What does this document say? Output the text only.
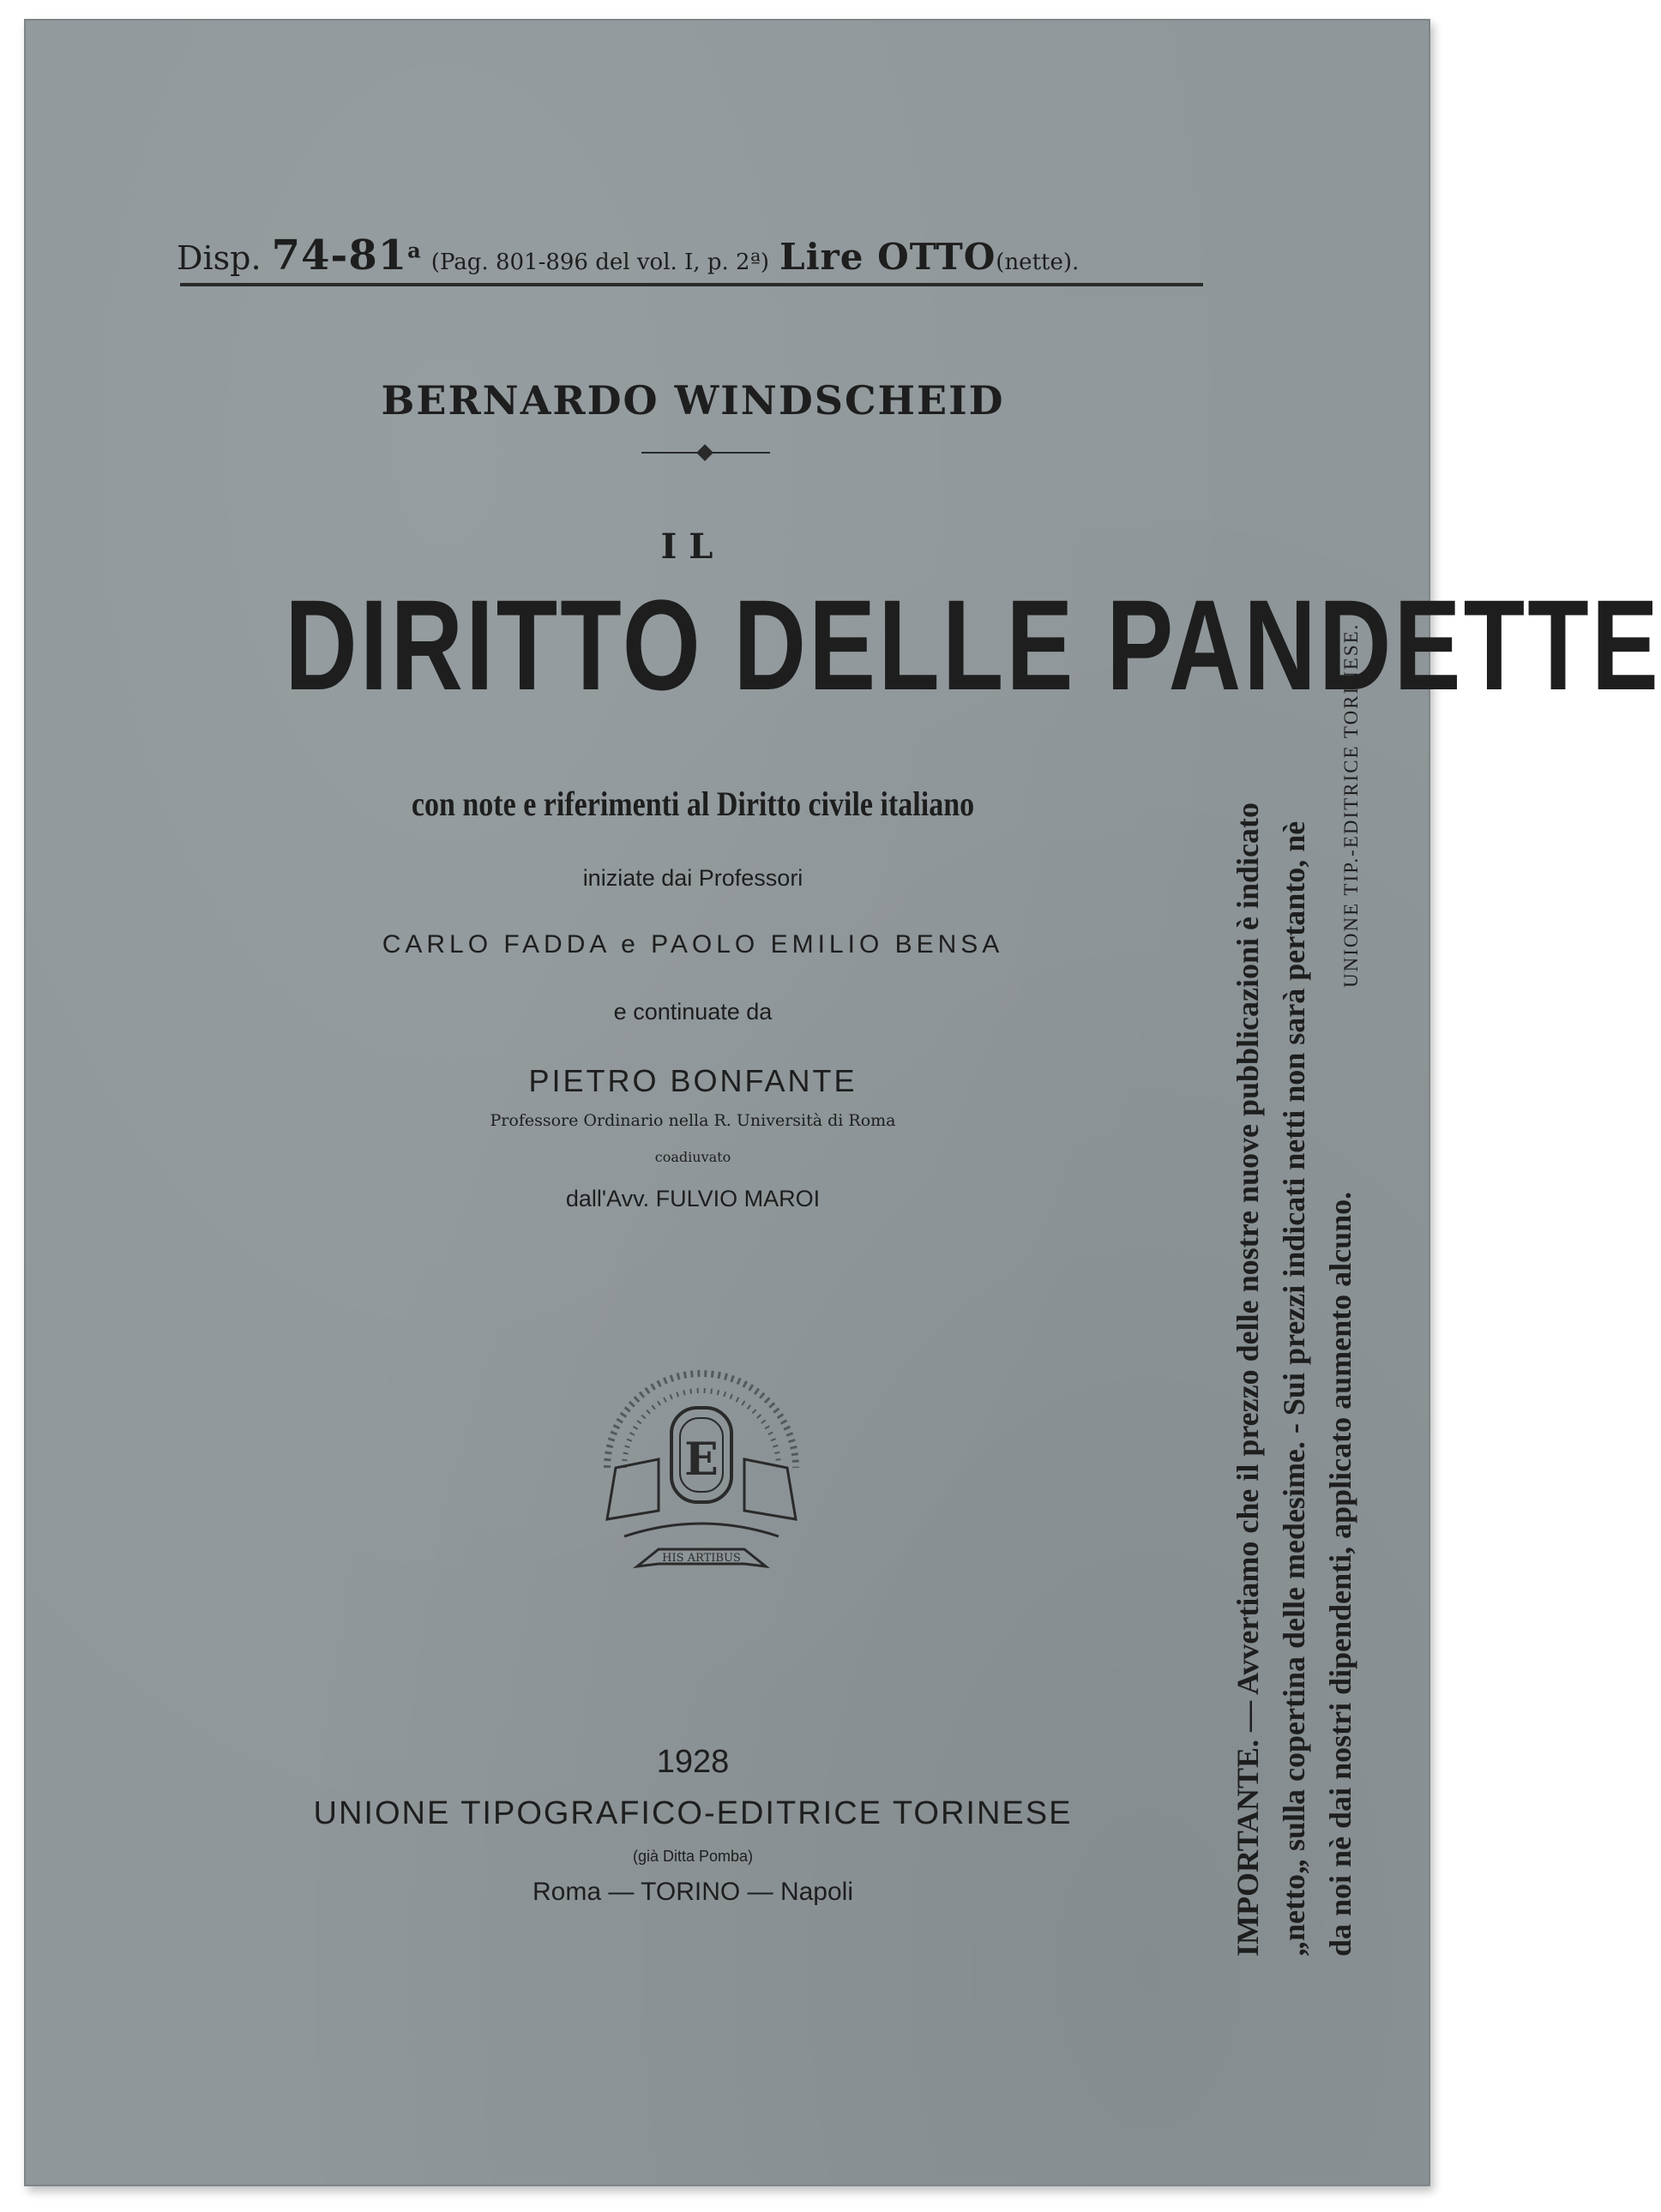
Disp. 74-81$^a$ (Pag. 801-896 del vol. I, p. 2ª) Lire OTTO(nette).
BERNARDO WINDSCHEID
IL
DIRITTO DELLE PANDETTE
con note e riferimenti al Diritto civile italiano
iniziate dai Professori
CARLO FADDA e PAOLO EMILIO BENSA
e continuate da
PIETRO BONFANTE
Professore Ordinario nella R. Università di Roma
coadiuvato
dall'Avv. FULVIO MAROI
E
HIS ARTIBUS
1928
UNIONE TIPOGRAFICO-EDITRICE TORINESE
(già Ditta Pomba)
Roma — TORINO — Napoli	IMPORTANTE. — Avvertiamo che il prezzo delle nostre nuove pubblicazioni è indicato „netto„ sulla copertina delle medesime. - Sui prezzi indicati netti non sarà pertanto, nè da noi nè dai nostri dipendenti, applicato aumento alcuno.
UNIONE TIP.-EDITRICE TORINESE.
